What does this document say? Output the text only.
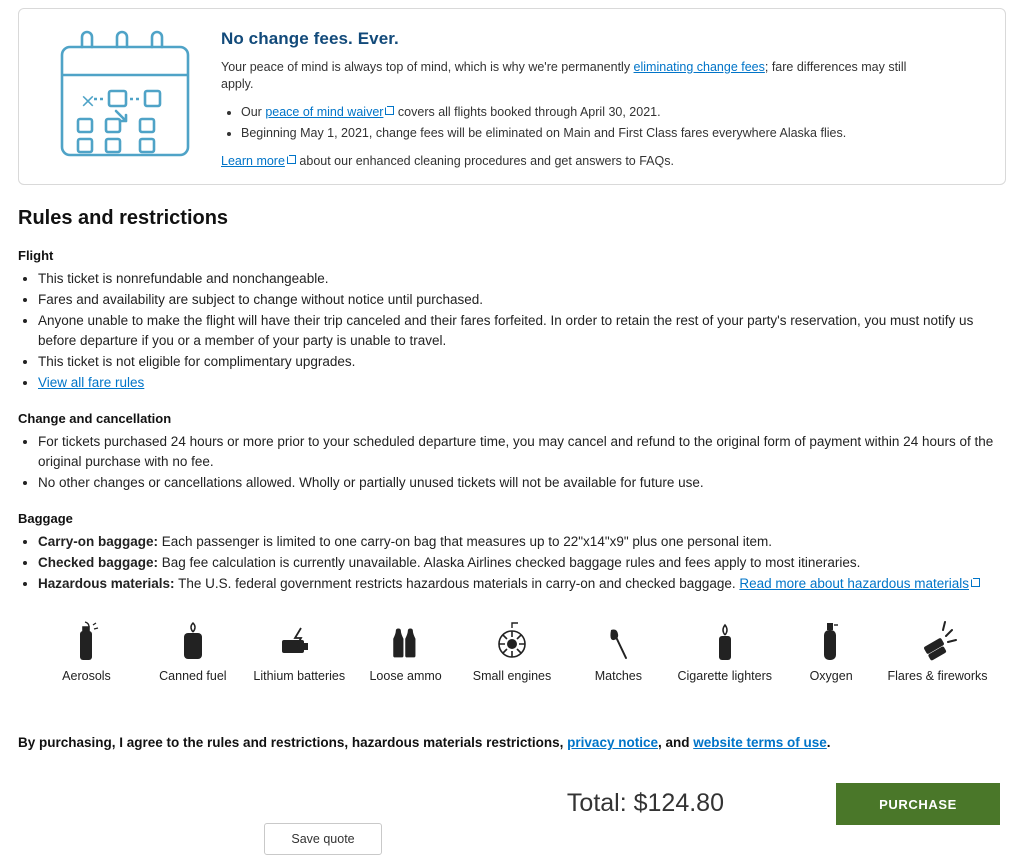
×
No change fees. Ever.

Your peace of mind is always top of mind, which is why we're permanently eliminating change fees; fare differences may still apply.

• Our peace of mind waiver covers all flights booked through April 30, 2021.
• Beginning May 1, 2021, change fees will be eliminated on Main and First Class fares everywhere Alaska flies.
Learn more about our enhanced cleaning procedures and get answers to FAQs.
Rules and restrictions
Flight
• This ticket is nonrefundable and nonchangeable.
• Fares and availability are subject to change without notice until purchased.
• Anyone unable to make the flight will have their trip canceled and their fares forfeited. In order to retain the rest of your party's reservation, you must notify us before departure if you or a member of your party is unable to travel.
• This ticket is not eligible for complimentary upgrades.
• View all fare rules
Change and cancellation
• For tickets purchased 24 hours or more prior to your scheduled departure time, you may cancel and refund to the original form of payment within 24 hours of the original purchase with no fee.
• No other changes or cancellations allowed. Wholly or partially unused tickets will not be available for future use.
Baggage
• Carry-on baggage: Each passenger is limited to one carry-on bag that measures up to 22"x14"x9" plus one personal item.
• Checked baggage: Bag fee calculation is currently unavailable. Alaska Airlines checked baggage rules and fees apply to most itineraries.
• Hazardous materials: The U.S. federal government restricts hazardous materials in carry-on and checked baggage. Read more about hazardous materials
Aerosols	Canned fuel Lithium batteries Loose ammo Small engines	Matches	Cigarette lighters	Oxygen	Flares & fireworks
By purchasing, I agree to the rules and restrictions, hazardous materials restrictions, privacy notice, and website terms of use.
Total: $124.80	PURCHASE
Save quote
